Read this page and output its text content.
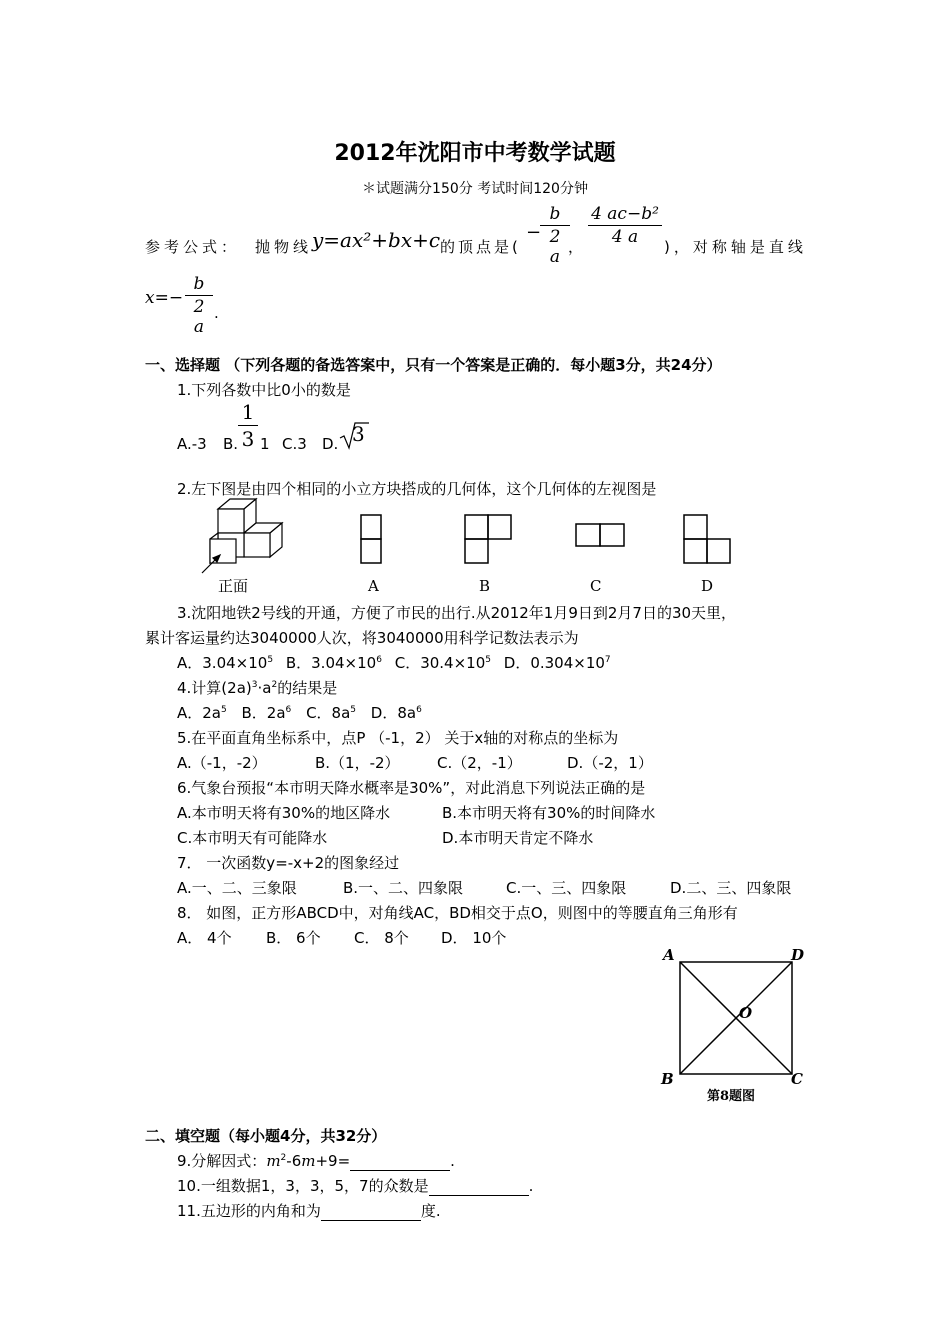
2012年沈阳市中考数学试题
＊试题满分150分 考试时间120分钟
参考公式： 抛物线 y=ax²+bx+c 的顶点是(
−
b
2 a ，
4 ac−b²
4 a	)，对称轴是直线
x=−
b
2 a
.
一、选择题 （下列各题的备选答案中，只有一个答案是正确的．每小题3分，共24分）
1.下列各数中比0小的数是
A.-3 B.
1
3 1 C.3 D. 3
2.左下图是由四个相同的小立方块搭成的几何体，这个几何体的左视图是
正面	A	B	C	D
3.沈阳地铁2号线的开通，方便了市民的出行.从2012年1月9日到2月7日的30天里，
累计客运量约达3040000人次，将3040000用科学记数法表示为
A．$3.04\times 10^5$ B．$3.04\times 10^6$ C．$30.4\times 10^5$ D．$0.304\times 10^7$
4.计算$(2a)^3\cdot a^2$的结果是
A．$2a^5$ B．$2a^6$ C．$8a^5$ D．$8a^6$
5.在平面直角坐标系中，点P （-1，2） 关于x轴的对称点的坐标为
A.（-1，-2）	B.（1，-2） C.（2，-1）	D.（-2，1）
6.气象台预报“本市明天降水概率是30%”，对此消息下列说法正确的是
A.本市明天将有30%的地区降水	B.本市明天将有30%的时间降水
C.本市明天有可能降水	D.本市明天肯定不降水
7． 一次函数y=-x+2的图象经过
A.一、二、三象限	B.一、二、四象限	C.一、三、四象限	D.二、三、四象限
8． 如图，正方形ABCD中，对角线AC，BD相交于点O，则图中的等腰直角三角形有
A． 4个 B． 6个 C． 8个 D． 10个
A	D
O
B	C
第8题图
二、填空题（每小题4分，共32分）
9.分解因式：$m^2-6m+9=$	.
10.一组数据1，3，3，5，7的众数是	.
11.五边形的内角和为	度.
